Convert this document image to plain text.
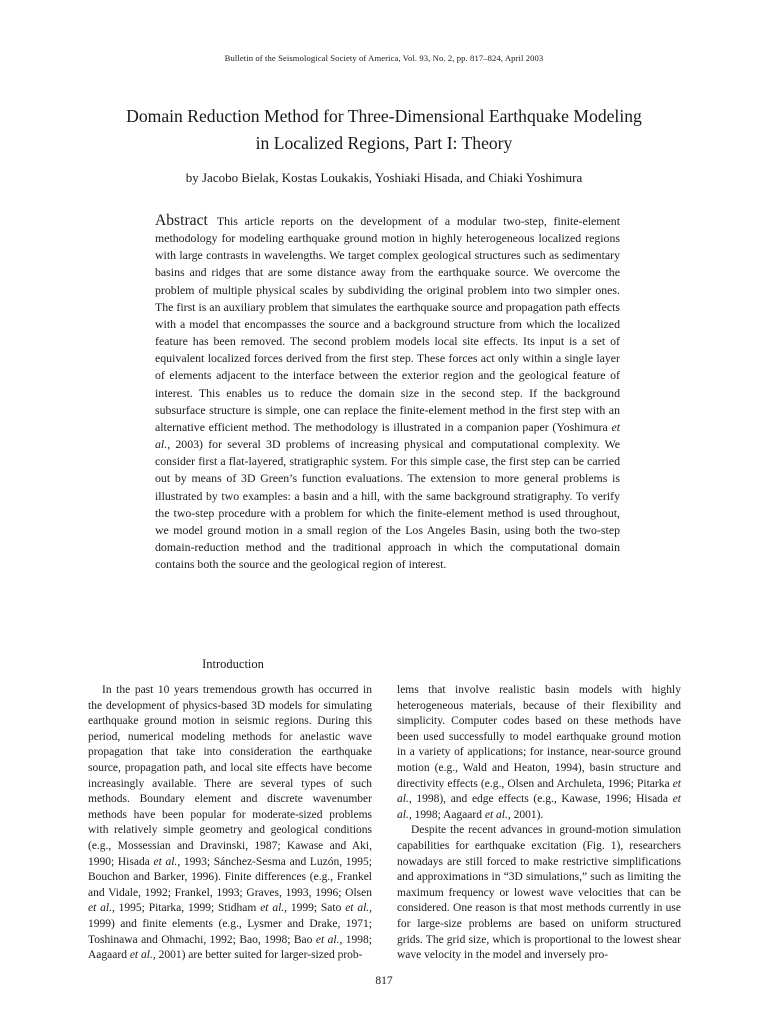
Bulletin of the Seismological Society of America, Vol. 93, No. 2, pp. 817–824, April 2003

Domain Reduction Method for Three-Dimensional Earthquake Modeling
in Localized Regions, Part I: Theory

by Jacobo Bielak, Kostas Loukakis, Yoshiaki Hisada, and Chiaki Yoshimura

Abstract This article reports on the development of a modular two-step, finite-element methodology for modeling earthquake ground motion in highly heterogeneous localized regions with large contrasts in wavelengths. We target complex geological structures such as sedimentary basins and ridges that are some distance away from the earthquake source. We overcome the problem of multiple physical scales by subdividing the original problem into two simpler ones. The first is an auxiliary problem that simulates the earthquake source and propagation path effects with a model that encompasses the source and a background structure from which the localized feature has been removed. The second problem models local site effects. Its input is a set of equivalent localized forces derived from the first step. These forces act only within a single layer of elements adjacent to the interface between the exterior region and the geological feature of interest. This enables us to reduce the domain size in the second step. If the background subsurface structure is simple, one can replace the finite-element method in the first step with an alternative efficient method. The methodology is illustrated in a companion paper (Yoshimura et al., 2003) for several 3D problems of increasing physical and computational complexity. We consider first a flat-layered, stratigraphic system. For this simple case, the first step can be carried out by means of 3D Green’s function evaluations. The extension to more general problems is illustrated by two examples: a basin and a hill, with the same background stratigraphy. To verify the two-step procedure with a problem for which the finite-element method is used throughout, we model ground motion in a small region of the Los Angeles Basin, using both the two-step domain-reduction method and the traditional approach in which the computational domain contains both the source and the geological region of interest.

Introduction

In the past 10 years tremendous growth has occurred in the development of physics-based 3D models for simulating earthquake ground motion in seismic regions. During this period, numerical modeling methods for anelastic wave propagation that take into consideration the earthquake source, propagation path, and local site effects have become increasingly available. There are several types of such methods. Boundary element and discrete wavenumber methods have been popular for moderate-sized problems with relatively simple geometry and geological conditions (e.g., Mossessian and Dravinski, 1987; Kawase and Aki, 1990; Hisada et al., 1993; Sánchez-Sesma and Luzón, 1995; Bouchon and Barker, 1996). Finite differences (e.g., Frankel and Vidale, 1992; Frankel, 1993; Graves, 1993, 1996; Olsen et al., 1995; Pitarka, 1999; Stidham et al., 1999; Sato et al., 1999) and finite elements (e.g., Lysmer and Drake, 1971; Toshinawa and Ohmachi, 1992; Bao, 1998; Bao et al., 1998; Aagaard et al., 2001) are better suited for larger-sized prob-

lems that involve realistic basin models with highly heterogeneous materials, because of their flexibility and simplicity. Computer codes based on these methods have been used successfully to model earthquake ground motion in a variety of applications; for instance, near-source ground motion (e.g., Wald and Heaton, 1994), basin structure and directivity effects (e.g., Olsen and Archuleta, 1996; Pitarka et al., 1998), and edge effects (e.g., Kawase, 1996; Hisada et al., 1998; Aagaard et al., 2001).

Despite the recent advances in ground-motion simulation capabilities for earthquake excitation (Fig. 1), researchers nowadays are still forced to make restrictive simplifications and approximations in “3D simulations,” such as limiting the maximum frequency or lowest wave velocities that can be considered. One reason is that most methods currently in use for large-size problems are based on uniform structured grids. The grid size, which is proportional to the lowest shear wave velocity in the model and inversely pro-

817
